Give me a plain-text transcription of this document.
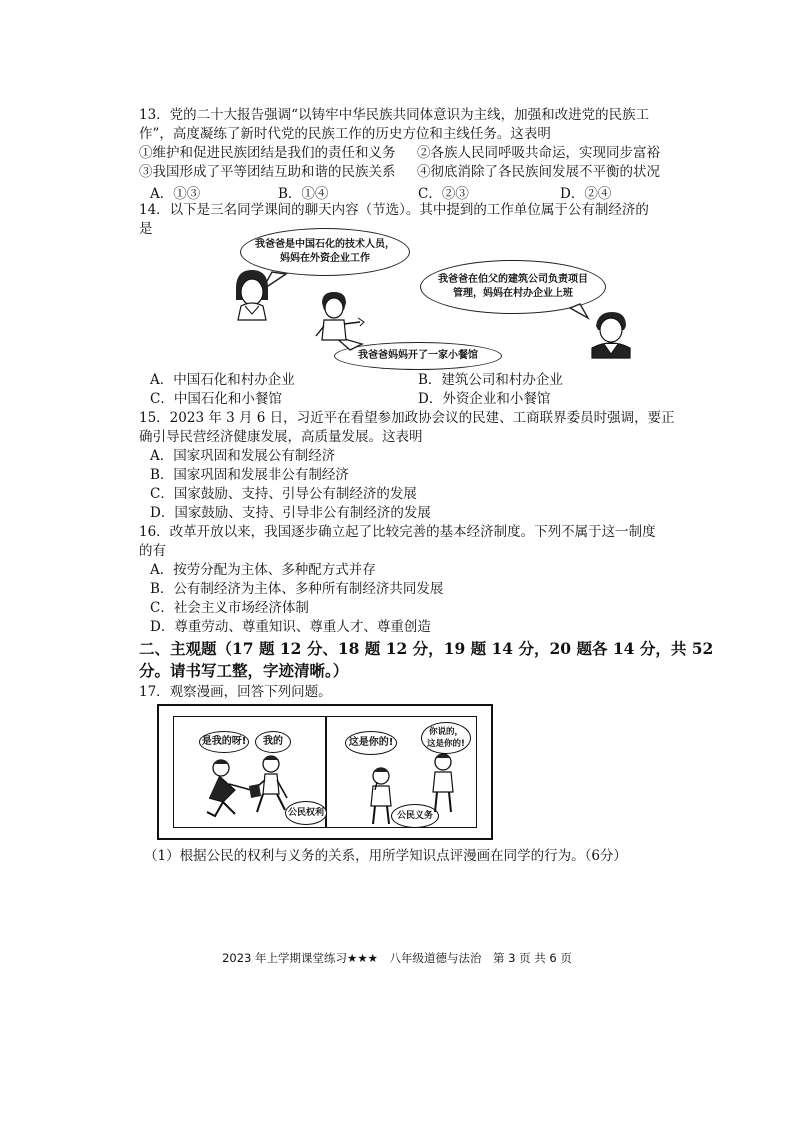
13．党的二十大报告强调“以铸牢中华民族共同体意识为主线，加强和改进党的民族工
作”，高度凝练了新时代党的民族工作的历史方位和主线任务。这表明
①维护和促进民族团结是我们的责任和义务 ②各族人民同呼吸共命运，实现同步富裕
③我国形成了平等团结互助和谐的民族关系 ④彻底消除了各民族间发展不平衡的状况
A．①③	B．①④	C．②③	D．②④
14．以下是三名同学课间的聊天内容（节选）。其中提到的工作单位属于公有制经济的
是
我爸爸是中国石化的技术人员，妈妈在外资企业工作
我爸爸在伯父的建筑公司负责项目管理，妈妈在村办企业上班
我爸爸妈妈开了一家小餐馆
A．中国石化和村办企业	B．建筑公司和村办企业
C．中国石化和小餐馆	D．外资企业和小餐馆
15．2023 年 3 月 6 日，习近平在看望参加政协会议的民建、工商联界委员时强调，要正
确引导民营经济健康发展，高质量发展。这表明
A．国家巩固和发展公有制经济
B．国家巩固和发展非公有制经济
C．国家鼓励、支持、引导公有制经济的发展
D．国家鼓励、支持、引导非公有制经济的发展
16．改革开放以来，我国逐步确立起了比较完善的基本经济制度。下列不属于这一制度
的有
A．按劳分配为主体、多种配方式并存
B．公有制经济为主体、多种所有制经济共同发展
C．社会主义市场经济体制
D．尊重劳动、尊重知识、尊重人才、尊重创造
二、主观题（17 题 12 分、18 题 12 分，19 题 14 分，20 题各 14 分，共 52
分。请书写工整，字迹清晰。）
17．观察漫画，回答下列问题。
是我的呀! 我的
公民权利
这是你的!
你说的，这是你的!
公民义务
（1）根据公民的权利与义务的关系，用所学知识点评漫画在同学的行为。（6分）
2023 年上学期课堂练习★★★　八年级道德与法治　第 3 页 共 6 页
